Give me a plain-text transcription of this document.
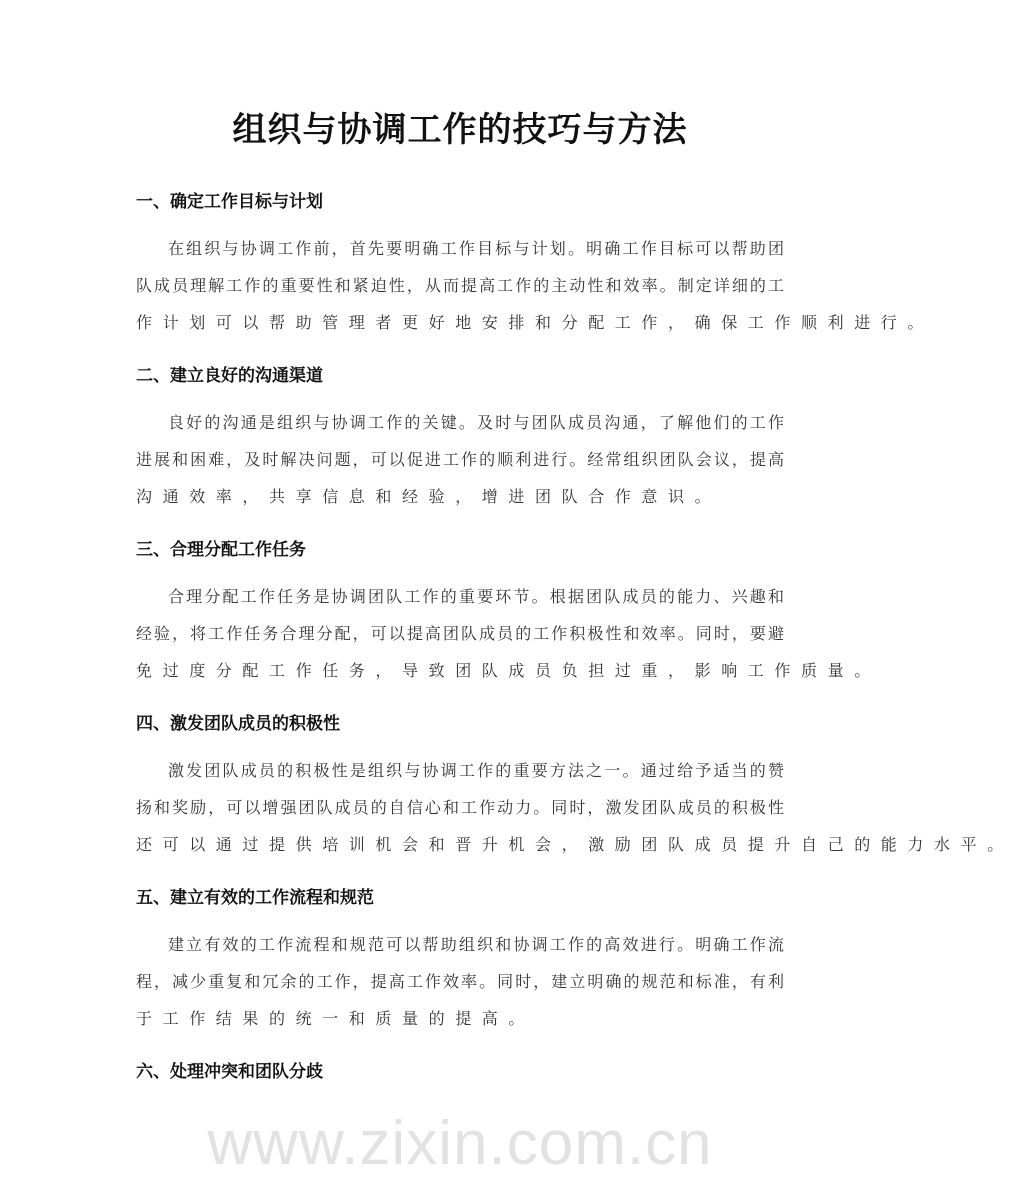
www.zixin.com.cn
组织与协调工作的技巧与方法
一、确定工作目标与计划
在组织与协调工作前，首先要明确工作目标与计划。明确工作目标可以帮助团
队成员理解工作的重要性和紧迫性，从而提高工作的主动性和效率。制定详细的工
作计划可以帮助管理者更好地安排和分配工作，确保工作顺利进行。
二、建立良好的沟通渠道
良好的沟通是组织与协调工作的关键。及时与团队成员沟通，了解他们的工作
进展和困难，及时解决问题，可以促进工作的顺利进行。经常组织团队会议，提高
沟通效率，共享信息和经验，增进团队合作意识。
三、合理分配工作任务
合理分配工作任务是协调团队工作的重要环节。根据团队成员的能力、兴趣和
经验，将工作任务合理分配，可以提高团队成员的工作积极性和效率。同时，要避
免过度分配工作任务，导致团队成员负担过重，影响工作质量。
四、激发团队成员的积极性
激发团队成员的积极性是组织与协调工作的重要方法之一。通过给予适当的赞
扬和奖励，可以增强团队成员的自信心和工作动力。同时，激发团队成员的积极性
还可以通过提供培训机会和晋升机会，激励团队成员提升自己的能力水平。
五、建立有效的工作流程和规范
建立有效的工作流程和规范可以帮助组织和协调工作的高效进行。明确工作流
程，减少重复和冗余的工作，提高工作效率。同时，建立明确的规范和标准，有利
于工作结果的统一和质量的提高。
六、处理冲突和团队分歧
